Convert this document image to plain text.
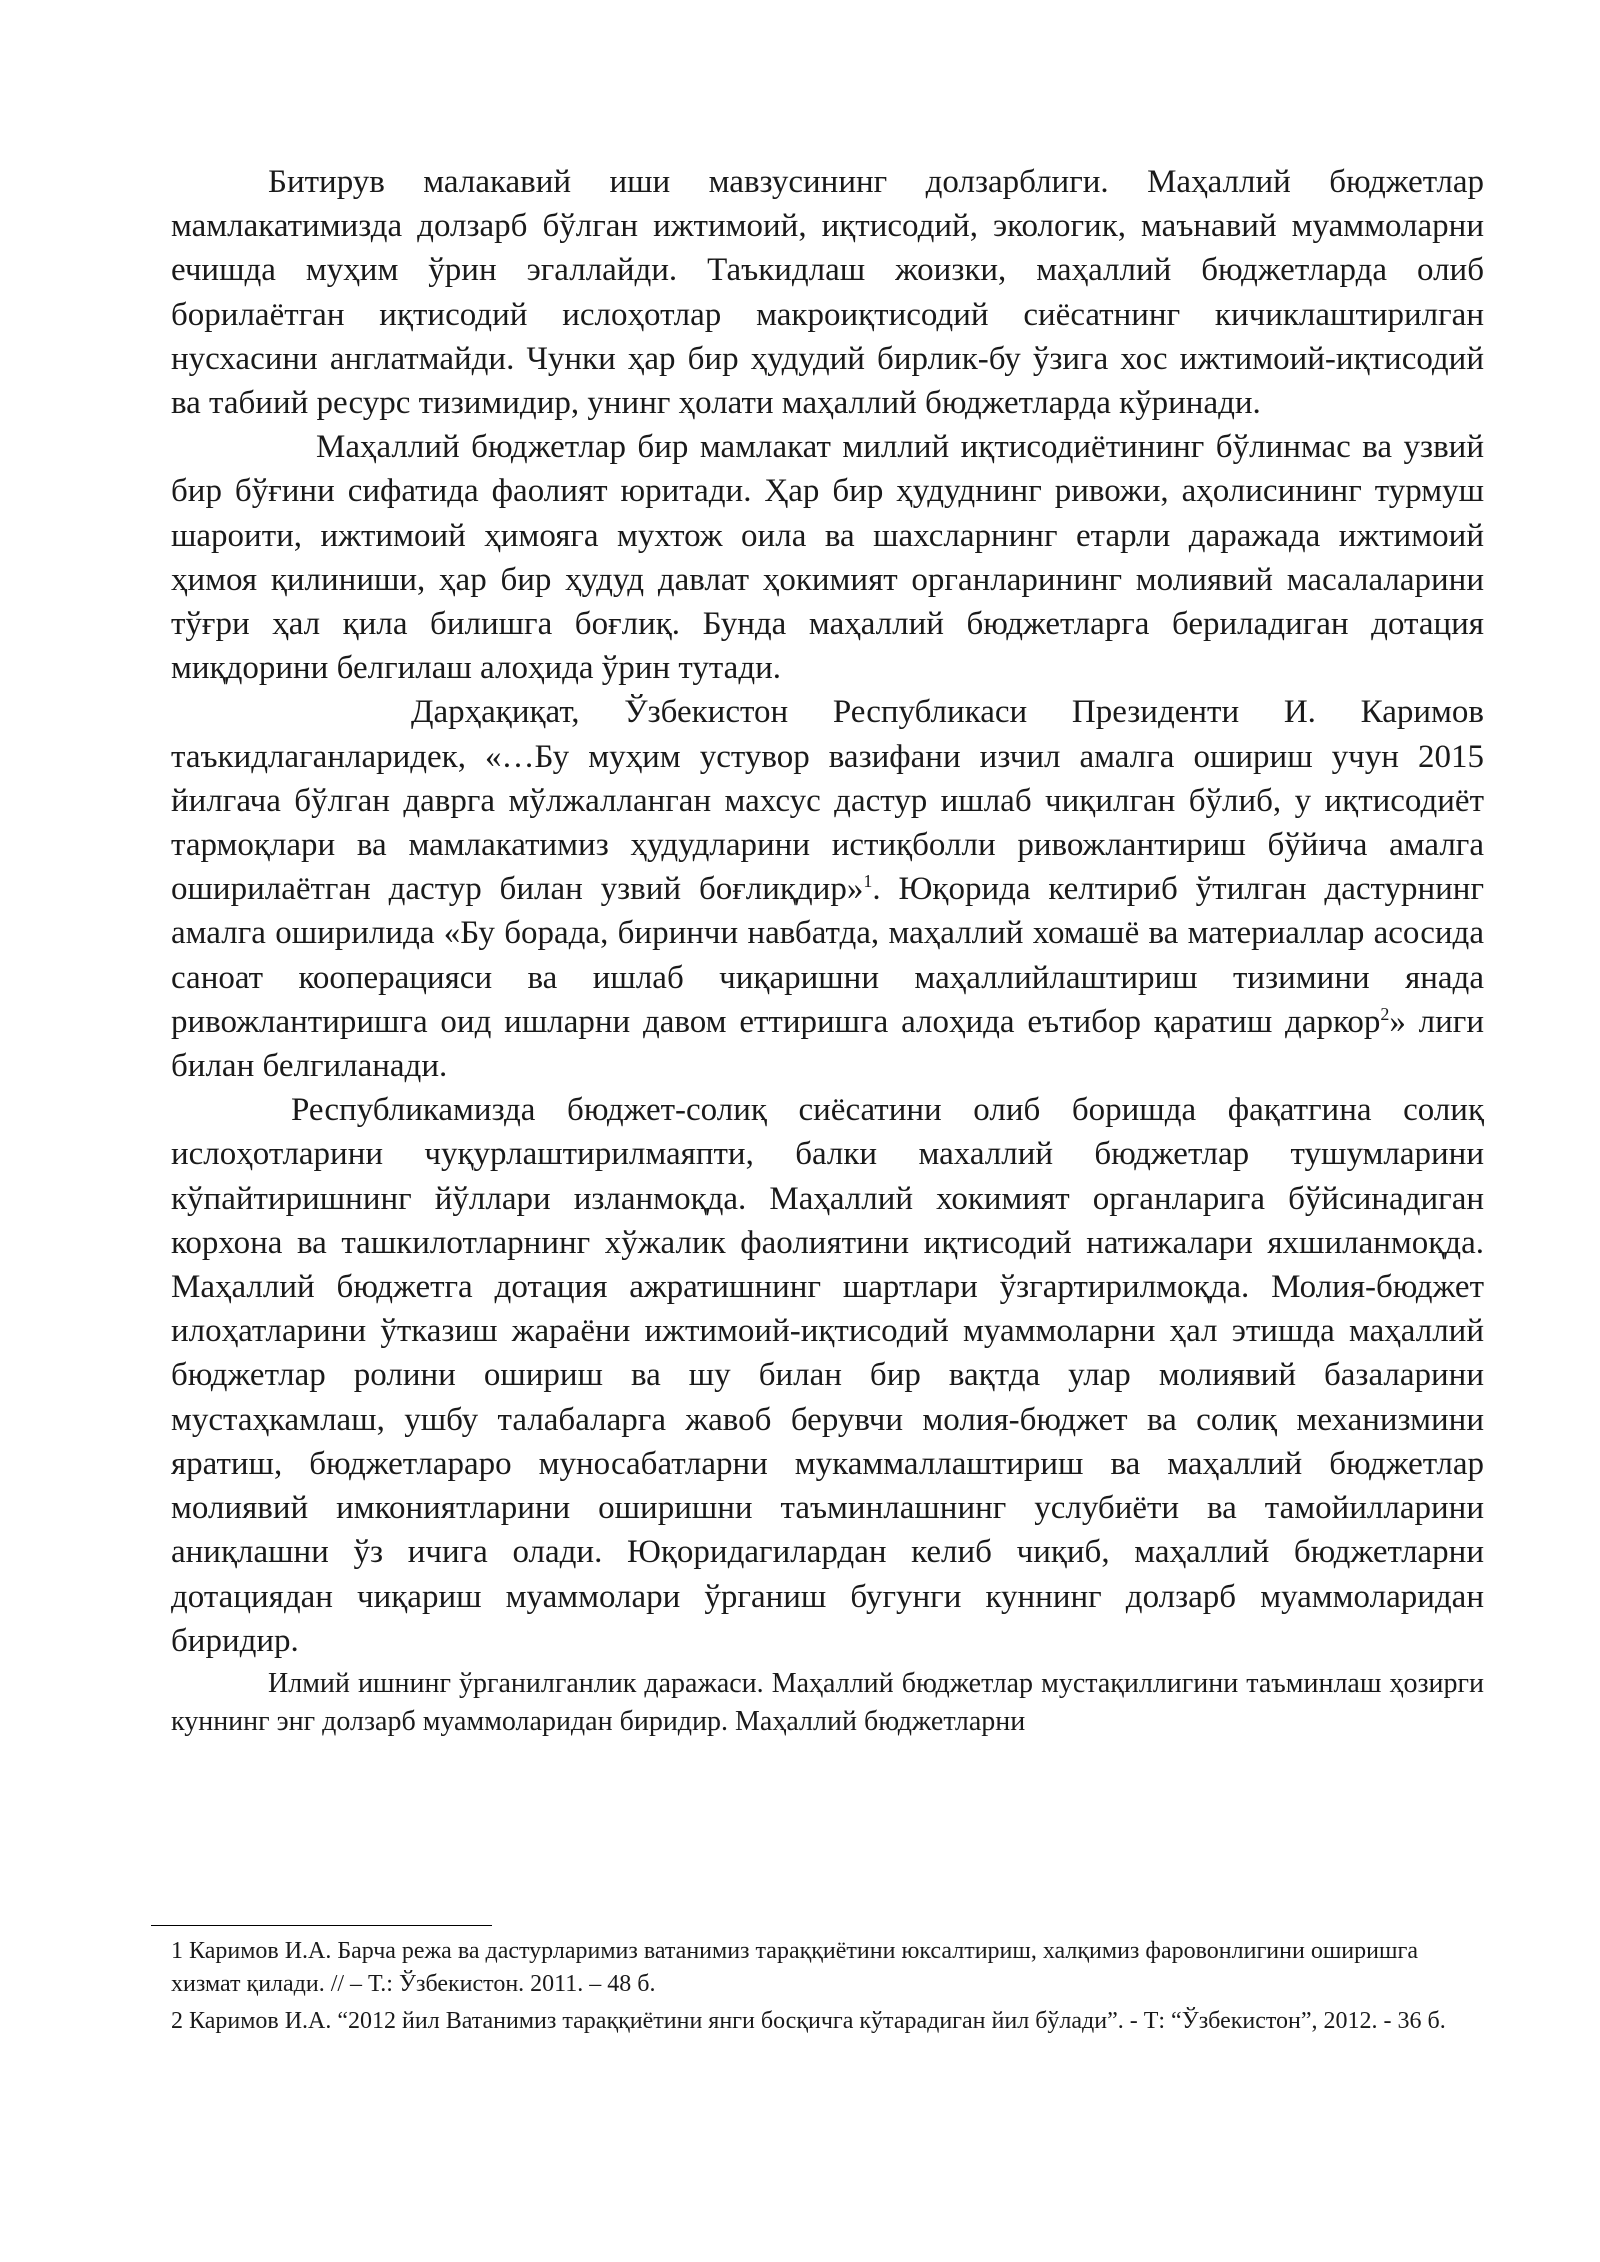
Битирув малакавий иши мавзусининг долзарблиги. Маҳаллий бюджетлар мамлакатимизда долзарб бўлган ижтимоий, иқтисодий, экологик, маънавий муаммоларни ечишда муҳим ўрин эгаллайди. Таъкидлаш жоизки, маҳаллий бюджетларда олиб борилаётган иқтисодий ислоҳотлар макроиқтисодий сиёсатнинг кичиклаштирилган нусхасини англатмайди. Чунки ҳар бир ҳудудий бирлик-бу ўзига хос ижтимоий-иқтисодий ва табиий ресурс тизимидир, унинг ҳолати маҳаллий бюджетларда кўринади.

Маҳаллий бюджетлар бир мамлакат миллий иқтисодиётининг бўлинмас ва узвий бир бўғини сифатида фаолият юритади. Ҳар бир ҳудуднинг ривожи, аҳолисининг турмуш шароити, ижтимоий ҳимояга мухтож оила ва шахсларнинг етарли даражада ижтимоий ҳимоя қилиниши, ҳар бир ҳудуд давлат ҳокимият органларининг молиявий масалаларини тўғри ҳал қила билишга боғлиқ. Бунда маҳаллий бюджетларга бериладиган дотация миқдорини белгилаш алоҳида ўрин тутади.

Дарҳақиқат, Ўзбекистон Республикаси Президенти И. Каримов таъкидлаганларидек, «…Бу муҳим устувор вазифани изчил амалга ошириш учун 2015 йилгача бўлган даврга мўлжалланган махсус дастур ишлаб чиқилган бўлиб, у иқтисодиёт тармоқлари ва мамлакатимиз ҳудудларини истиқболли ривожлантириш бўйича амалга оширилаётган дастур билан узвий боғлиқдир»$^1$. Юқорида келтириб ўтилган дастурнинг амалга оширилида «Бу борада, биринчи навбатда, маҳаллий хомашё ва материаллар асосида саноат кооперацияси ва ишлаб чиқаришни маҳаллийлаштириш тизимини янада ривожлантиришга оид ишларни давом еттиришга алоҳида еътибор қаратиш даркор$^2$» лиги билан белгиланади.

Республикамизда бюджет-солиқ сиёсатини олиб боришда фақатгина солиқ ислоҳотларини чуқурлаштирилмаяпти, балки махаллий бюджетлар тушумларини кўпайтиришнинг йўллари изланмоқда. Маҳаллий хокимият органларига бўйсинадиган корхона ва ташкилотларнинг хўжалик фаолиятини иқтисодий натижалари яхшиланмоқда. Маҳаллий бюджетга дотация ажратишнинг шартлари ўзгартирилмоқда. Молия-бюджет илоҳатларини ўтказиш жараёни ижтимоий-иқтисодий муаммоларни ҳал этишда маҳаллий бюджетлар ролини ошириш ва шу билан бир вақтда улар молиявий базаларини мустаҳкамлаш, ушбу талабаларга жавоб берувчи молия-бюджет ва солиқ механизмини яратиш, бюджетлараро муносабатларни мукаммаллаштириш ва маҳаллий бюджетлар молиявий имкониятларини оширишни таъминлашнинг услубиёти ва тамойилларини аниқлашни ўз ичига олади. Юқоридагилардан келиб чиқиб, маҳаллий бюджетларни дотациядан чиқариш муаммолари ўрганиш бугунги куннинг долзарб муаммоларидан биридир.

Илмий ишнинг ўрганилганлик даражаси. Маҳаллий бюджетлар мустақиллигини таъминлаш ҳозирги куннинг энг долзарб муаммоларидан биридир. Маҳаллий бюджетларни

1 Каримов И.А. Барча режа ва дастурларимиз ватанимиз тараққиётини юксалтириш, халқимиз фаровонлигини оширишга хизмат қилади. // – Т.: Ўзбекистон. 2011. – 48 б.

2 Каримов И.А. “2012 йил Ватанимиз тараққиётини янги босқичга кўтарадиган йил бўлади”. - Т: “Ўзбекистон”, 2012. - 36 б.
